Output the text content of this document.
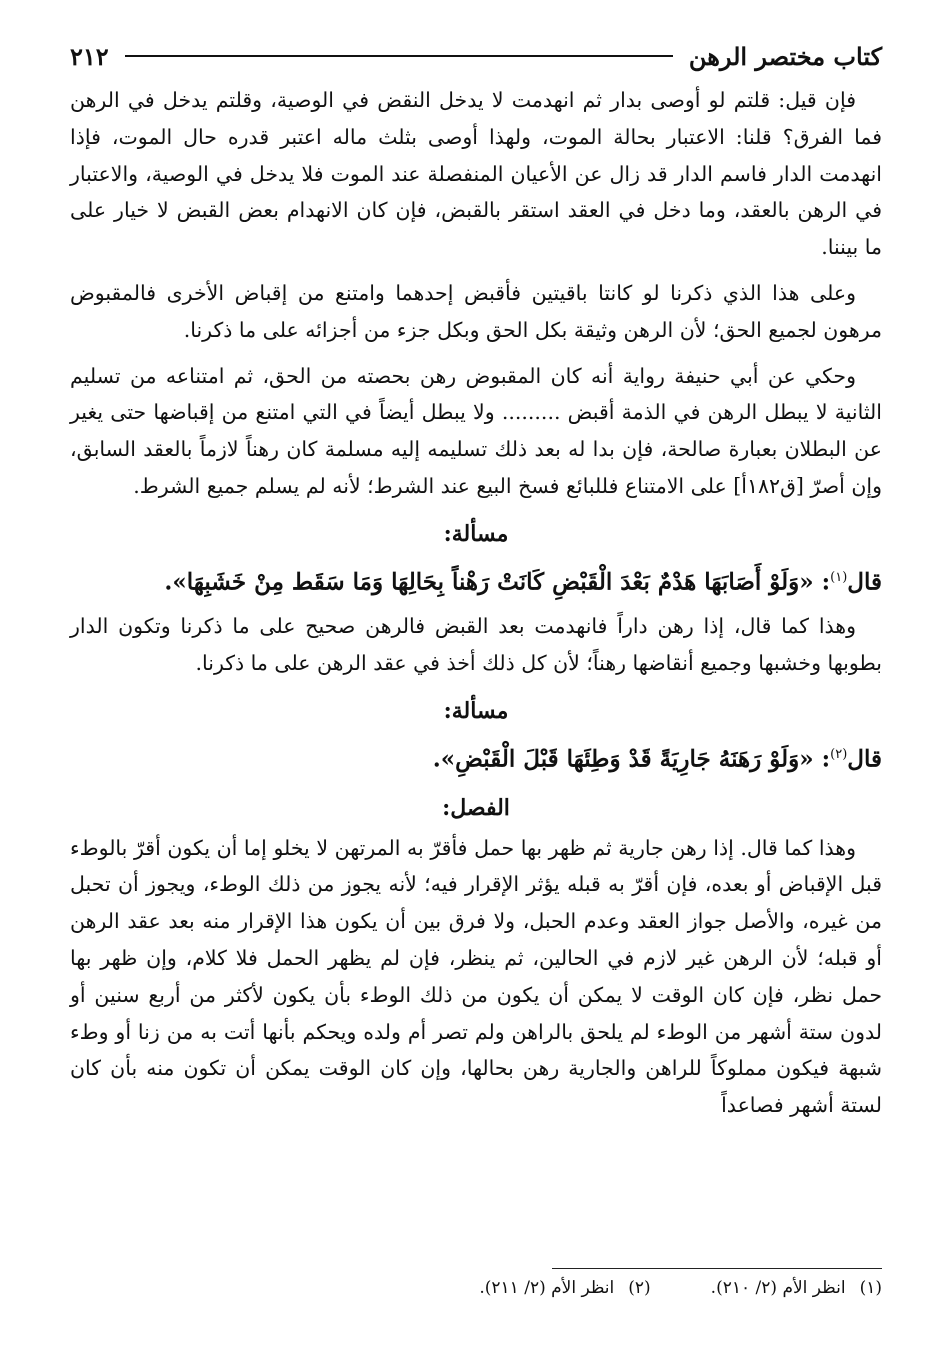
كتاب مختصر الرهن
٢١٢

فإن قيل: قلتم لو أوصى بدار ثم انهدمت لا يدخل النقض في الوصية، وقلتم يدخل في الرهن فما الفرق؟ قلنا: الاعتبار بحالة الموت، ولهذا أوصى بثلث ماله اعتبر قدره حال الموت، فإذا انهدمت الدار فاسم الدار قد زال عن الأعيان المنفصلة عند الموت فلا يدخل في الوصية، والاعتبار في الرهن بالعقد، وما دخل في العقد استقر بالقبض، فإن كان الانهدام بعض القبض لا خيار على ما بيننا.

وعلى هذا الذي ذكرنا لو كانتا باقيتين فأقبض إحدهما وامتنع من إقباض الأخرى فالمقبوض مرهون لجميع الحق؛ لأن الرهن وثيقة بكل الحق وبكل جزء من أجزائه على ما ذكرنا.

وحكي عن أبي حنيفة رواية أنه كان المقبوض رهن بحصته من الحق، ثم امتناعه من تسليم الثانية لا يبطل الرهن في الذمة أقبض ......... ولا يبطل أيضاً في التي امتنع من إقباضها حتى يغير عن البطلان بعبارة صالحة، فإن بدا له بعد ذلك تسليمه إليه مسلمة كان رهناً لازماً بالعقد السابق، وإن أصرّ [ق١٨٢أ] على الامتناع فللبائع فسخ البيع عند الشرط؛ لأنه لم يسلم جميع الشرط.

مسألة:
قال$^{(١)}$: «وَلَوْ أَصَابَهَا هَدْمٌ بَعْدَ الْقَبْضِ كَانَتْ رَهْناً بِحَالِهَا وَمَا سَقَط مِنْ خَشَبِهَا».

وهذا كما قال، إذا رهن داراً فانهدمت بعد القبض فالرهن صحيح على ما ذكرنا وتكون الدار بطوبها وخشبها وجميع أنقاضها رهناً؛ لأن كل ذلك أخذ في عقد الرهن على ما ذكرنا.

مسألة:
قال$^{(٢)}$: «وَلَوْ رَهَنَهُ جَارِيَةً قَدْ وَطِئَهَا قَبْلَ الْقَبْضِ».
الفصل:

وهذا كما قال. إذا رهن جارية ثم ظهر بها حمل فأقرّ به المرتهن لا يخلو إما أن يكون أقرّ بالوطء قبل الإقباض أو بعده، فإن أقرّ به قبله يؤثر الإقرار فيه؛ لأنه يجوز من ذلك الوطء، ويجوز أن تحبل من غيره، والأصل جواز العقد وعدم الحبل، ولا فرق بين أن يكون هذا الإقرار منه بعد عقد الرهن أو قبله؛ لأن الرهن غير لازم في الحالين، ثم ينظر، فإن لم يظهر الحمل فلا كلام، وإن ظهر بها حمل نظر، فإن كان الوقت لا يمكن أن يكون من ذلك الوطء بأن يكون لأكثر من أربع سنين أو لدون ستة أشهر من الوطء لم يلحق بالراهن ولم تصر أم ولده ويحكم بأنها أتت به من زنا أو وطء شبهة فيكون مملوكاً للراهن والجارية رهن بحالها، وإن كان الوقت يمكن أن تكون منه بأن كان لستة أشهر فصاعداً

(١)
انظر الأم (٢/ ٢١٠).
(٢)
انظر الأم (٢/ ٢١١).
